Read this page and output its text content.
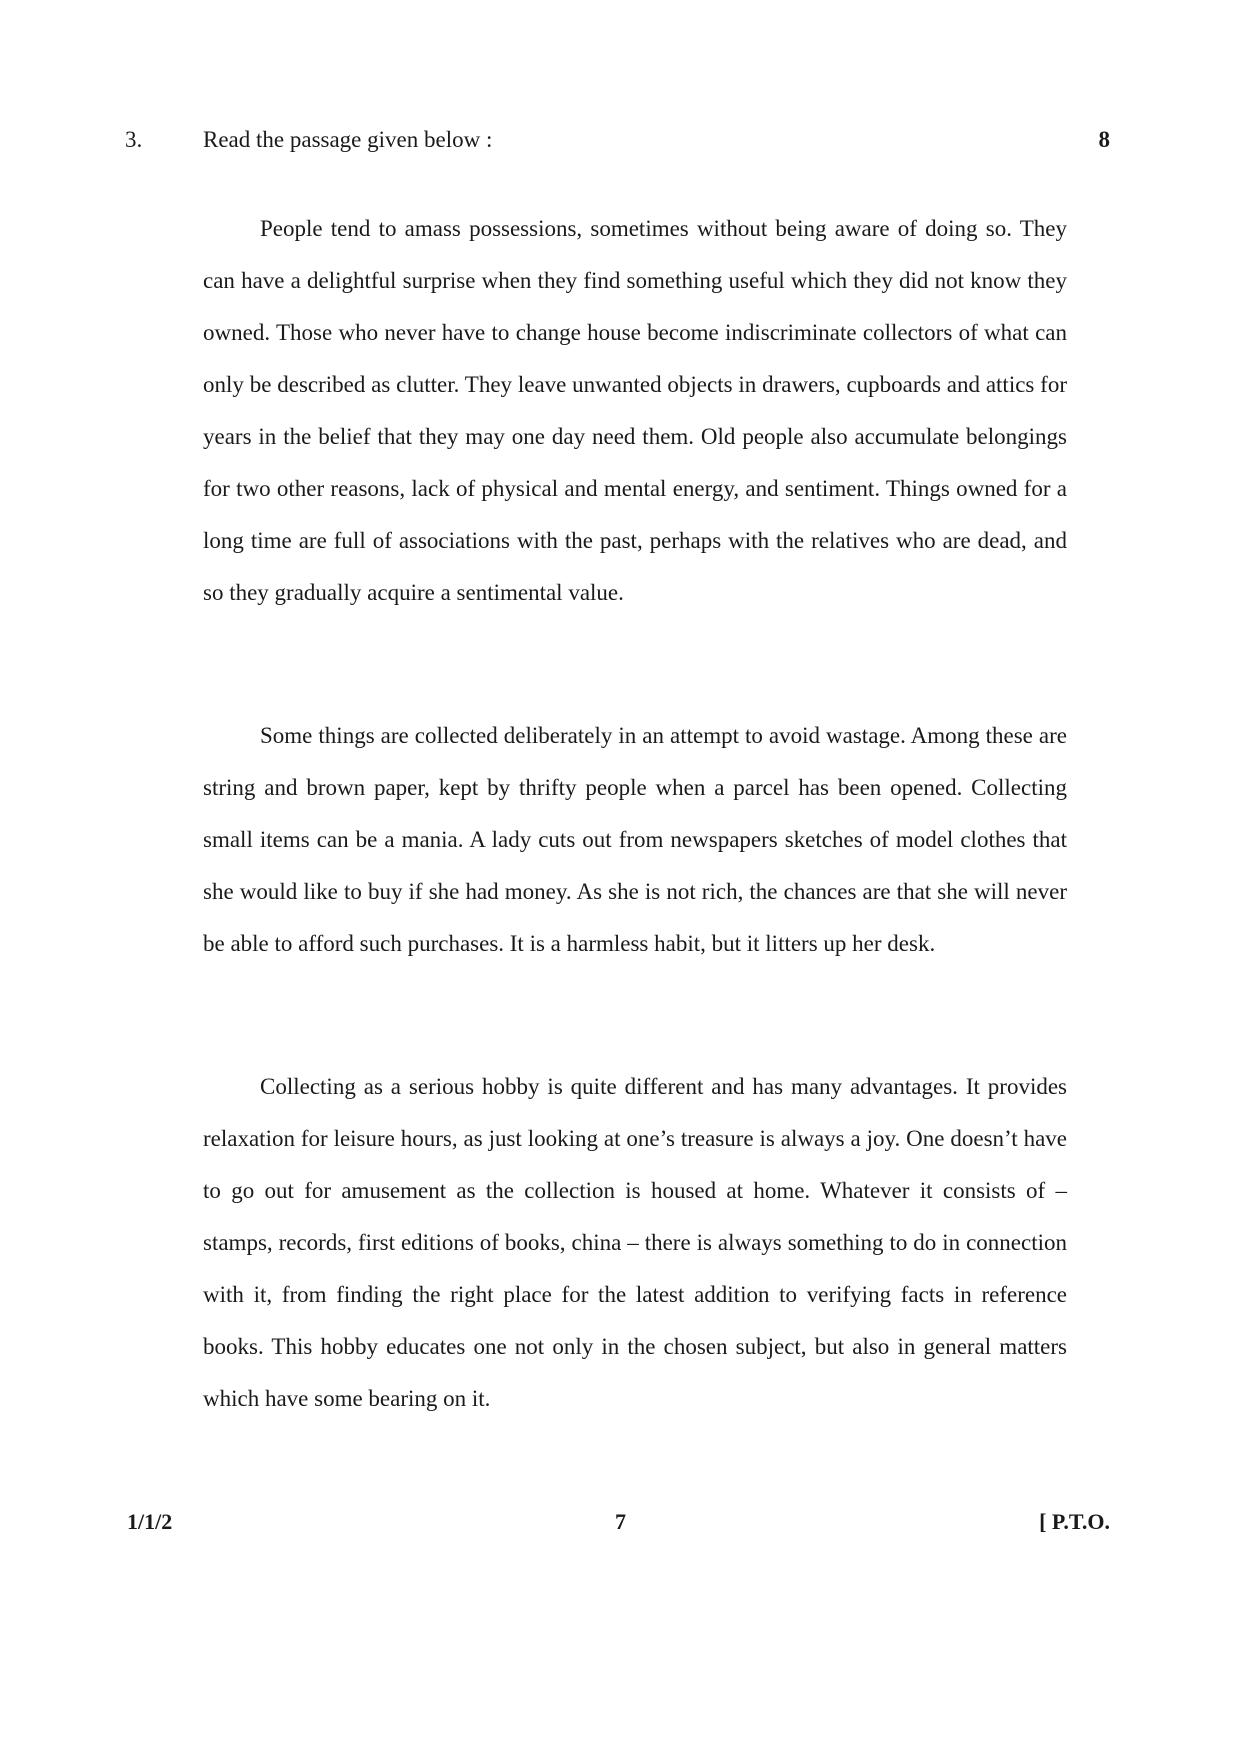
3.	Read the passage given below :	8

People tend to amass possessions, sometimes without being aware of doing so. They can have a delightful surprise when they find something useful which they did not know they owned. Those who never have to change house become indiscriminate collectors of what can only be described as clutter. They leave unwanted objects in drawers, cupboards and attics for years in the belief that they may one day need them. Old people also accumulate belongings for two other reasons, lack of physical and mental energy, and sentiment. Things owned for a long time are full of associations with the past, perhaps with the relatives who are dead, and so they gradually acquire a sentimental value.

Some things are collected deliberately in an attempt to avoid wastage. Among these are string and brown paper, kept by thrifty people when a parcel has been opened. Collecting small items can be a mania. A lady cuts out from newspapers sketches of model clothes that she would like to buy if she had money. As she is not rich, the chances are that she will never be able to afford such purchases. It is a harmless habit, but it litters up her desk.

Collecting as a serious hobby is quite different and has many advantages. It provides relaxation for leisure hours, as just looking at one’s treasure is always a joy. One doesn’t have to go out for amusement as the collection is housed at home. Whatever it consists of – stamps, records, first editions of books, china – there is always something to do in connection with it, from finding the right place for the latest addition to verifying facts in reference books. This hobby educates one not only in the chosen subject, but also in general matters which have some bearing on it.

1/1/2	7	[ P.T.O.
